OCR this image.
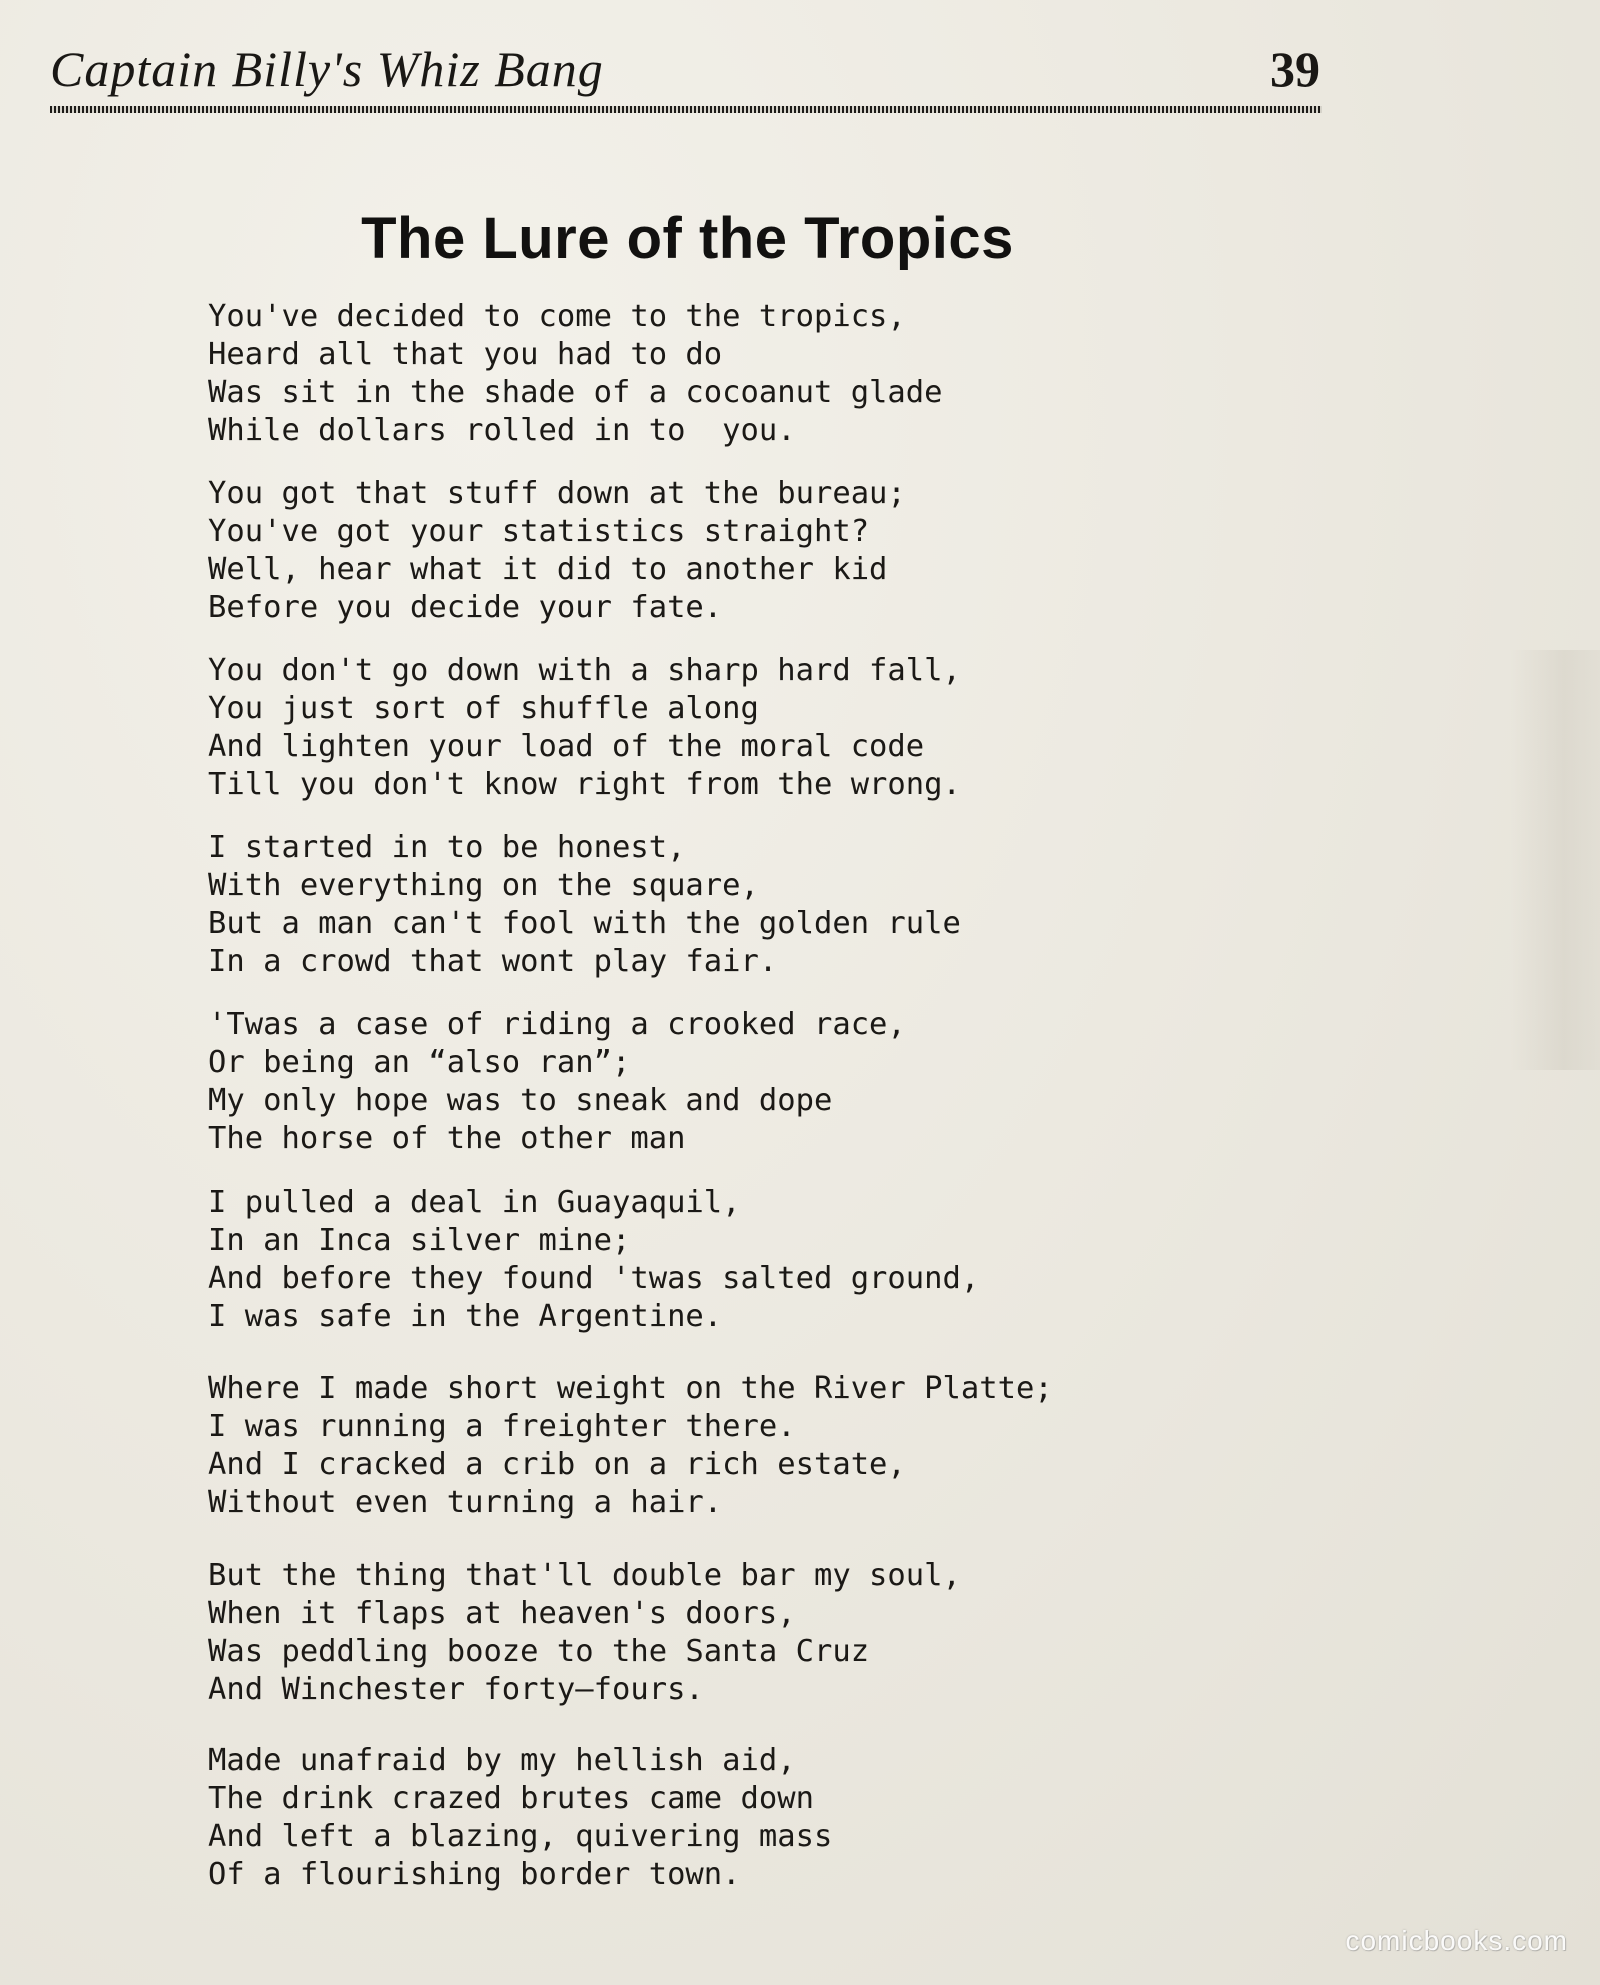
Captain Billy's Whiz Bang	39
The Lure of the Tropics
You've decided to come to the tropics,
Heard all that you had to do
Was sit in the shade of a cocoanut glade
While dollars rolled in to  you.
You got that stuff down at the bureau;
You've got your statistics straight?
Well, hear what it did to another kid
Before you decide your fate.
You don't go down with a sharp hard fall,
You just sort of shuffle along
And lighten your load of the moral code
Till you don't know right from the wrong.
I started in to be honest,
With everything on the square,
But a man can't fool with the golden rule
In a crowd that wont play fair.
'Twas a case of riding a crooked race,
Or being an “also ran”;
My only hope was to sneak and dope
The horse of the other man
I pulled a deal in Guayaquil,
In an Inca silver mine;
And before they found 'twas salted ground,
I was safe in the Argentine.
Where I made short weight on the River Platte;
I was running a freighter there.
And I cracked a crib on a rich estate,
Without even turning a hair.
But the thing that'll double bar my soul,
When it flaps at heaven's doors,
Was peddling booze to the Santa Cruz
And Winchester forty–fours.
Made unafraid by my hellish aid,
The drink crazed brutes came down
And left a blazing, quivering mass
Of a flourishing border town.
comicbooks.com
